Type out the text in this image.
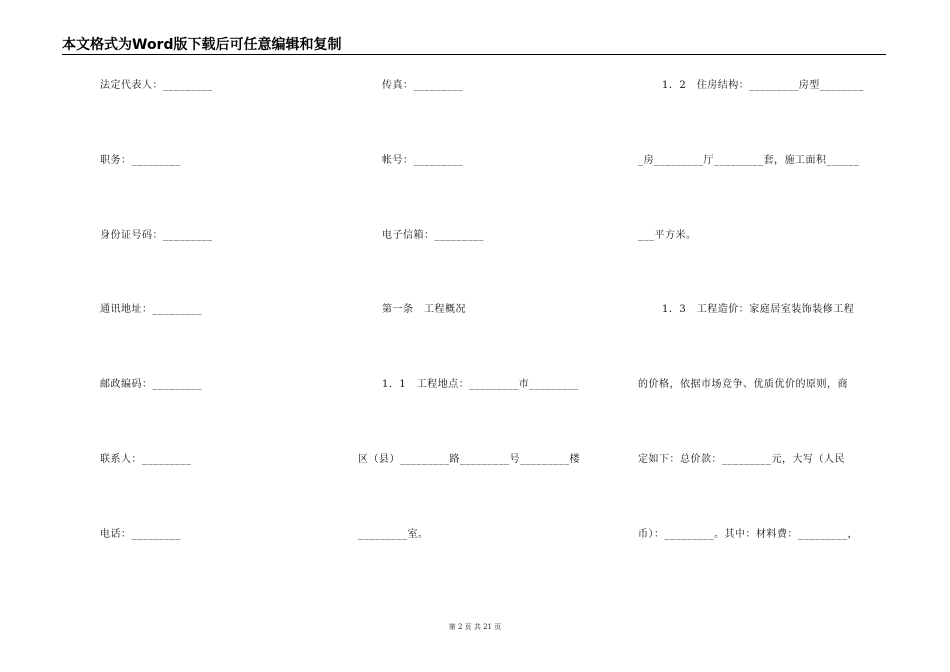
本文格式为Word版下载后可任意编辑和复制
法定代表人：_________
职务：_________
身份证号码：_________
通讯地址：_________
邮政编码：_________
联系人：_________
电话：_________
传真：_________
帐号：_________
电子信箱：_________
第一条　工程概况
1．1　工程地点：_________市_________
区（县）_________路_________号_________楼
_________室。
1．2　住房结构：_________房型________
_房_________厅_________套，施工面积______
___平方米。
1．3　工程造价：家庭居室装饰装修工程
的价格，依据市场竞争、优质优价的原则，商
定如下：总价款：_________元，大写（人民
币）：_________。其中：材料费：_________，
第 2 页 共 21 页
